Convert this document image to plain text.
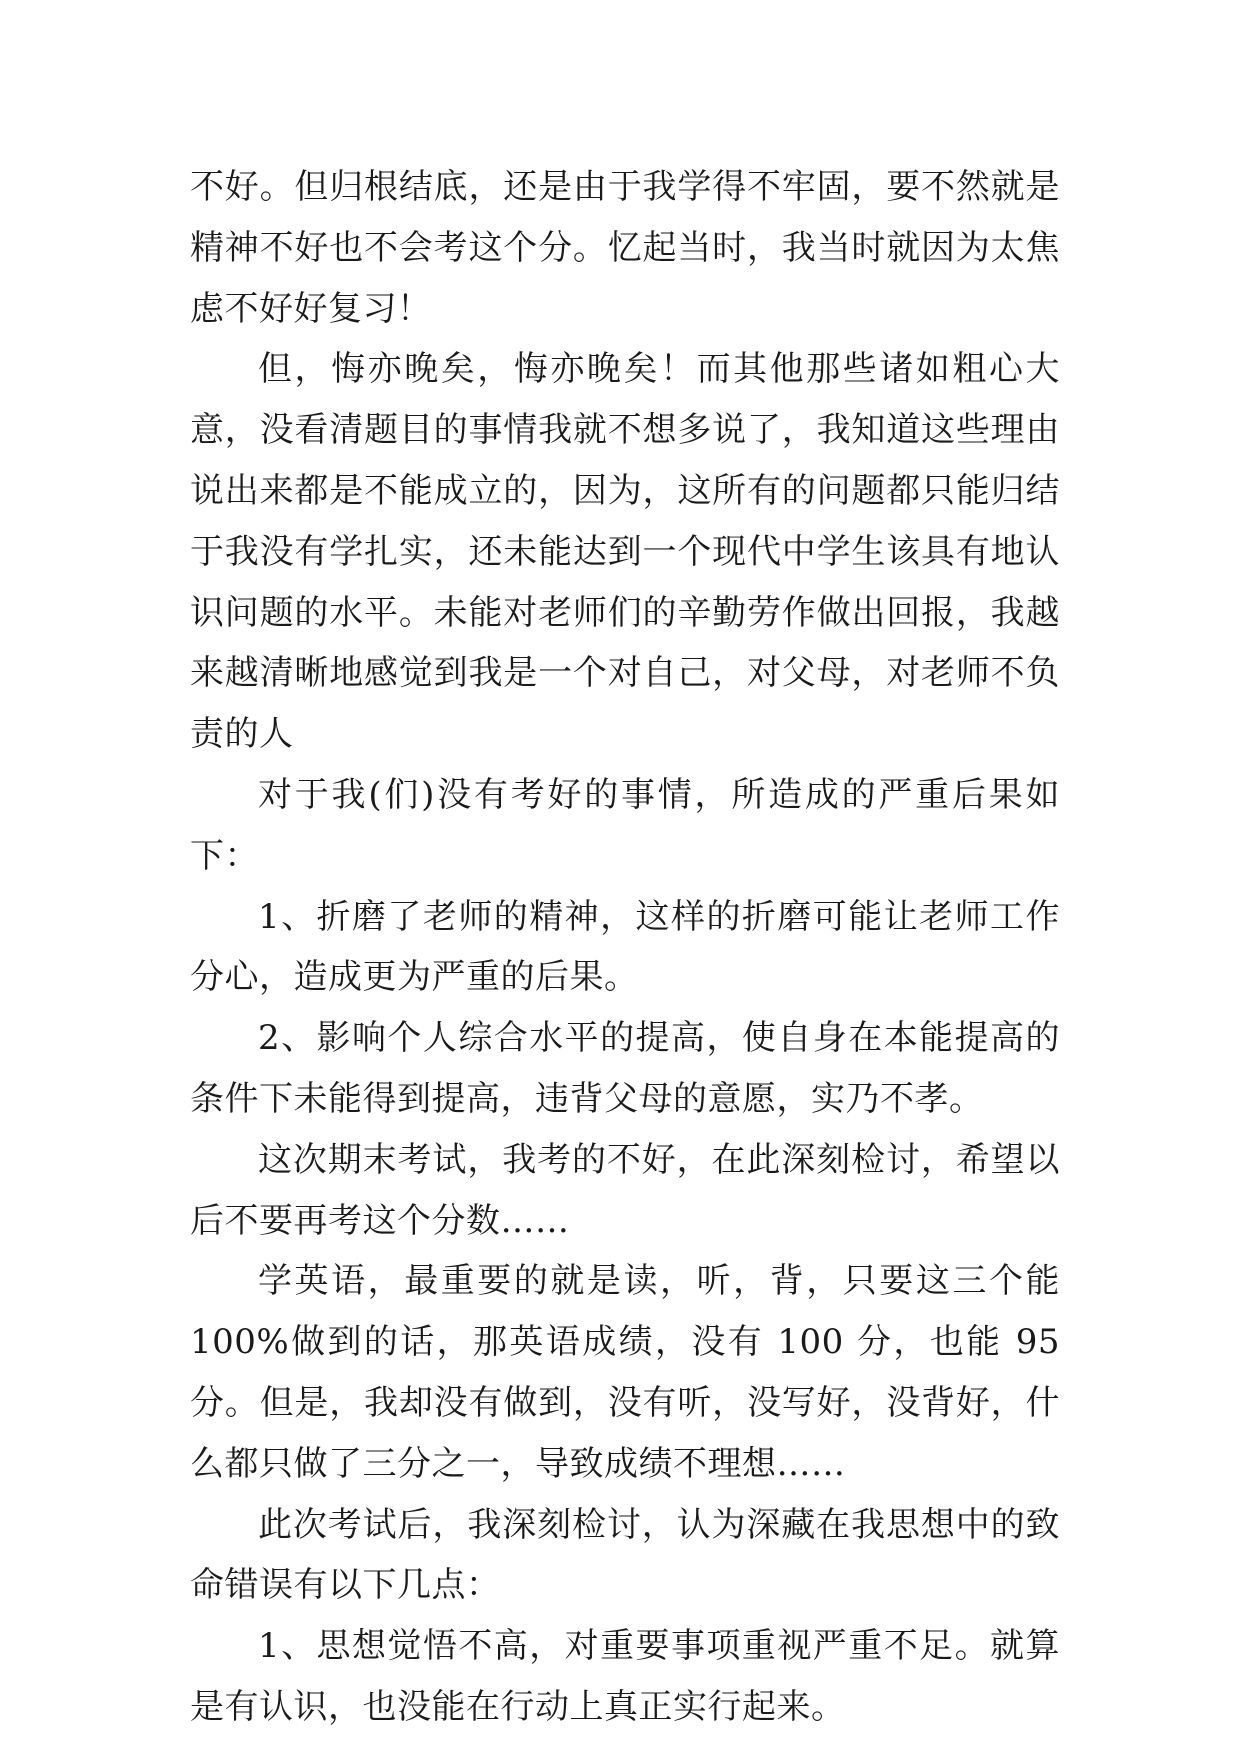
不好。但归根结底，还是由于我学得不牢固，要不然就是精神不好也不会考这个分。忆起当时，我当时就因为太焦虑不好好复习！

但，悔亦晚矣，悔亦晚矣！而其他那些诸如粗心大意，没看清题目的事情我就不想多说了，我知道这些理由说出来都是不能成立的，因为，这所有的问题都只能归结于我没有学扎实，还未能达到一个现代中学生该具有地认识问题的水平。未能对老师们的辛勤劳作做出回报，我越来越清晰地感觉到我是一个对自己，对父母，对老师不负责的人

对于我(们)没有考好的事情，所造成的严重后果如下：

1、折磨了老师的精神，这样的折磨可能让老师工作分心，造成更为严重的后果。

2、影响个人综合水平的提高，使自身在本能提高的条件下未能得到提高，违背父母的意愿，实乃不孝。

这次期末考试，我考的不好，在此深刻检讨，希望以后不要再考这个分数……

学英语，最重要的就是读，听，背，只要这三个能 100%做到的话，那英语成绩，没有 100 分，也能 95 分。但是，我却没有做到，没有听，没写好，没背好，什么都只做了三分之一，导致成绩不理想……

此次考试后，我深刻检讨，认为深藏在我思想中的致命错误有以下几点：

1、思想觉悟不高，对重要事项重视严重不足。就算是有认识，也没能在行动上真正实行起来。
